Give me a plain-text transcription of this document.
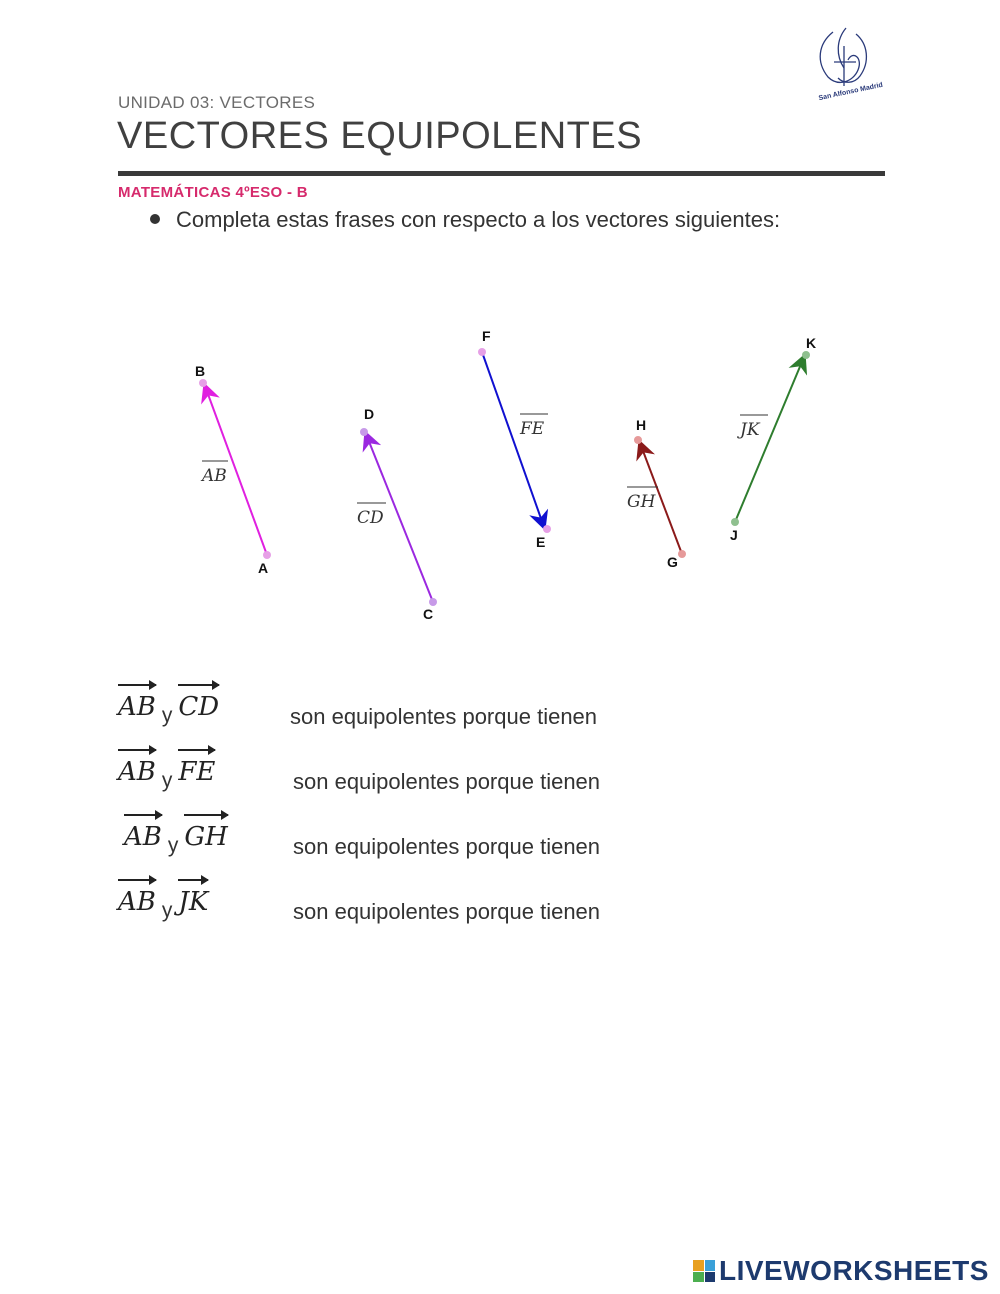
San Alfonso Madrid
UNIDAD 03: VECTORES
VECTORES EQUIPOLENTES
MATEMÁTICAS 4ºESO - B
Completa estas frases con respecto a los vectores siguientes:
A
B
AB
C
D
CD
F
E
FE
G
H
GH
J
K
JK
AB y CD	son equipolentes porque tienen
AB y FE	son equipolentes porque tienen
AB y GH	son equipolentes porque tienen
AB y JK	son equipolentes porque tienen
LIVEWORKSHEETS
